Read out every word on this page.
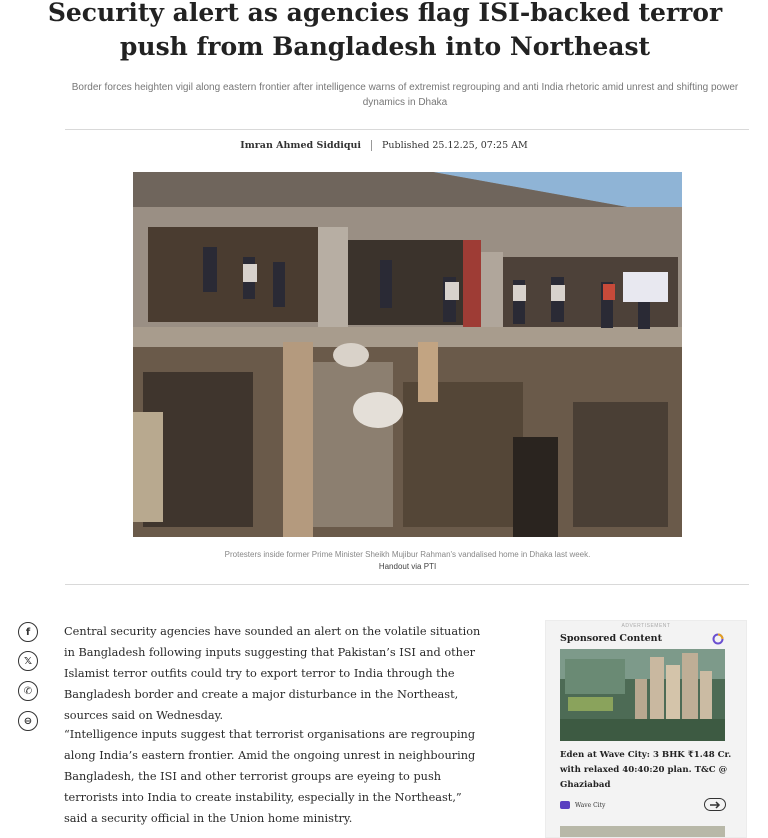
Security alert as agencies flag ISI-backed terror push from Bangladesh into Northeast
Border forces heighten vigil along eastern frontier after intelligence warns of extremist regrouping and anti India rhetoric amid unrest and shifting power dynamics in Dhaka
Imran Ahmed Siddiqui Published 25.12.25, 07:25 AM
Protesters inside former Prime Minister Sheikh Mujibur Rahman's vandalised home in Dhaka last week.
Handout via PTI
f
𝕏
✆
⊖

Central security agencies have sounded an alert on the volatile situation in Bangladesh following inputs suggesting that Pakistan’s ISI and other Islamist terror outfits could try to export terror to India through the Bangladesh border and create a major disturbance in the Northeast, sources said on Wednesday.

“Intelligence inputs suggest that terrorist organisations are regrouping along India’s eastern frontier. Amid the ongoing unrest in neighbouring Bangladesh, the ISI and other terrorist groups are eyeing to push terrorists into India to create instability, especially in the Northeast,” said a security official in the Union home ministry.

ADVERTISEMENT
Sponsored Content
Eden at Wave City: 3 BHK ₹1.48 Cr. with relaxed 40:40:20 plan. T&C @ Ghaziabad
Wave City
